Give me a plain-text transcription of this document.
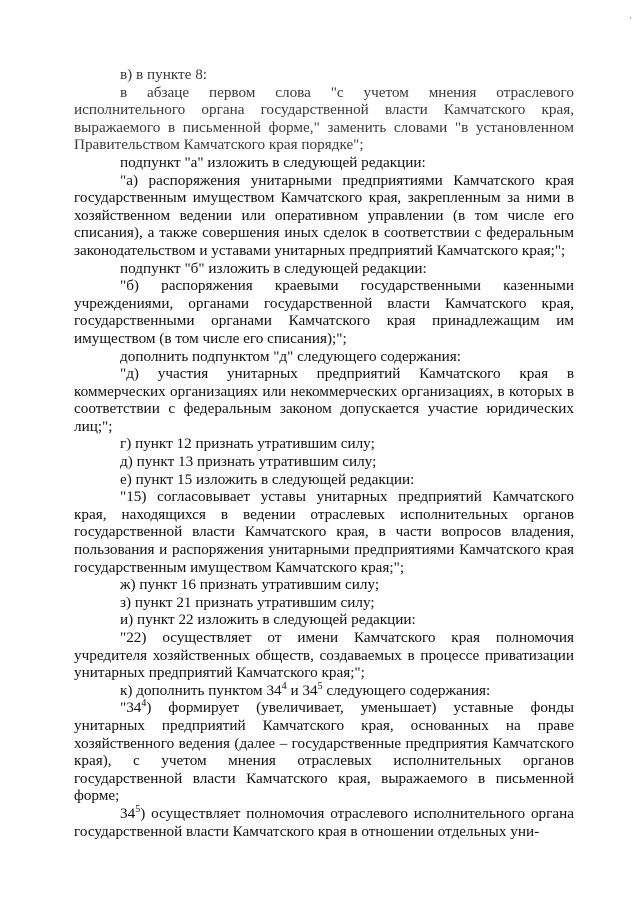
·

в) в пункте 8:

в абзаце первом слова "с учетом мнения отраслевого исполнительного органа государственной власти Камчатского края, выражаемого в письменной форме," заменить словами "в установленном Правительством Камчатского края порядке";

подпункт "а" изложить в следующей редакции:

"а) распоряжения унитарными предприятиями Камчатского края государственным имуществом Камчатского края, закрепленным за ними в хозяйственном ведении или оперативном управлении (в том числе его списания), а также совершения иных сделок в соответствии с федеральным законодательством и уставами унитарных предприятий Камчатского края;";

подпункт "б" изложить в следующей редакции:

"б) распоряжения краевыми государственными казенными учреждениями, органами государственной власти Камчатского края, государственными органами Камчатского края принадлежащим им имуществом (в том числе его списания);";

дополнить подпунктом "д" следующего содержания:

"д) участия унитарных предприятий Камчатского края в коммерческих организациях или некоммерческих организациях, в которых в соответствии с федеральным законом допускается участие юридических лиц;";

г) пункт 12 признать утратившим силу;

д) пункт 13 признать утратившим силу;

е) пункт 15 изложить в следующей редакции:

"15) согласовывает уставы унитарных предприятий Камчатского края, находящихся в ведении отраслевых исполнительных органов государственной власти Камчатского края, в части вопросов владения, пользования и распоряжения унитарными предприятиями Камчатского края государственным имуществом Камчатского края;";

ж) пункт 16 признать утратившим силу;

з) пункт 21 признать утратившим силу;

и) пункт 22 изложить в следующей редакции:

"22) осуществляет от имени Камчатского края полномочия учредителя хозяйственных обществ, создаваемых в процессе приватизации унитарных предприятий Камчатского края;";

к) дополнить пунктом $34^4$ и $34^5$ следующего содержания:

"$34^4$) формирует (увеличивает, уменьшает) уставные фонды унитарных предприятий Камчатского края, основанных на праве хозяйственного ведения (далее – государственные предприятия Камчатского края), с учетом мнения отраслевых исполнительных органов государственной власти Камчатского края, выражаемого в письменной форме;

$34^5$) осуществляет полномочия отраслевого исполнительного органа государственной власти Камчатского края в отношении отдельных уни-
